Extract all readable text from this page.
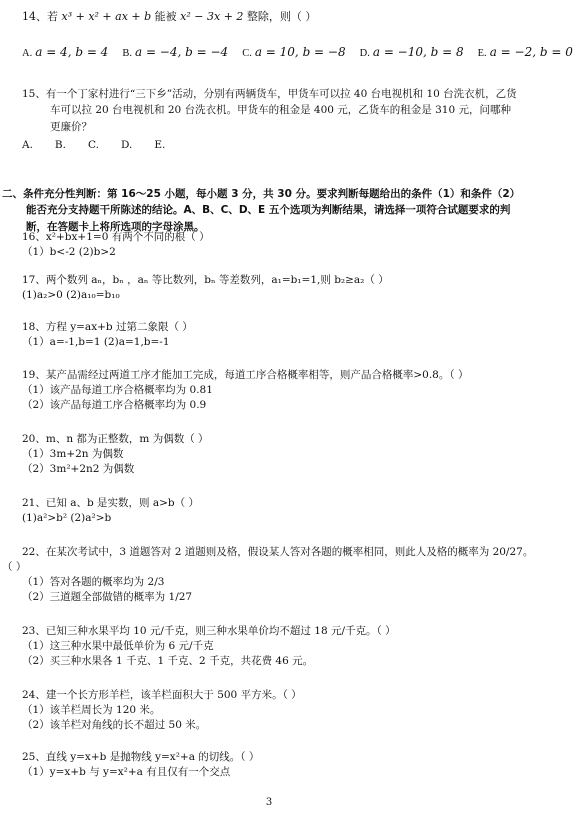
14、若 x³ + x² + ax + b 能被 x² − 3x + 2 整除，则（ ）
A. a = 4, b = 4 B. a = −4, b = −4 C. a = 10, b = −8 D. a = −10, b = 8 E. a = −2, b = 0
15、有一个丁家村进行“三下乡”活动，分别有两辆货车，甲货车可以拉 40 台电视机和 10 台洗衣机，乙货车可以拉 20 台电视机和 20 台洗衣机。甲货车的租金是 400 元，乙货车的租金是 310 元，问哪种更廉价？
A. B. C. D. E.
二、条件充分性判断：第 16～25 小题，每小题 3 分，共 30 分。要求判断每题给出的条件（1）和条件（2）能否充分支持题干所陈述的结论。A、B、C、D、E 五个选项为判断结果，请选择一项符合试题要求的判断，在答题卡上将所选项的字母涂黑。
16、x²+bx+1=0 有两个不同的根（ ）
（1）b<-2 (2)b>2
17、两个数列 aₙ，bₙ ，aₙ 等比数列，bₙ 等差数列，a₁=b₁=1,则 b₂≥a₂（ ）
(1)a₂>0 (2)a₁₀=b₁₀
18、方程 y=ax+b 过第二象限（ ）
（1）a=-1,b=1 (2)a=1,b=-1
19、某产品需经过两道工序才能加工完成，每道工序合格概率相等，则产品合格概率>0.8。（ ）
（1）该产品每道工序合格概率均为 0.81
（2）该产品每道工序合格概率均为 0.9
20、m、n 都为正整数，m 为偶数（ ）
（1）3m+2n 为偶数
（2）3m²+2n2 为偶数
21、已知 a、b 是实数，则 a>b（ ）
(1)a²>b² (2)a²>b
22、在某次考试中，3 道题答对 2 道题则及格，假设某人答对各题的概率相同，则此人及格的概率为 20/27。
（ ）
（1）答对各题的概率均为 2/3
（2）三道题全部做错的概率为 1/27
23、已知三种水果平均 10 元/千克，则三种水果单价均不超过 18 元/千克。（ ）
（1）这三种水果中最低单价为 6 元/千克
（2）买三种水果各 1 千克、1 千克、2 千克，共花费 46 元。
24、建一个长方形羊栏，该羊栏面积大于 500 平方米。（ ）
（1）该羊栏周长为 120 米。
（2）该羊栏对角线的长不超过 50 米。
25、直线 y=x+b 是抛物线 y=x²+a 的切线。（ ）
（1）y=x+b 与 y=x²+a 有且仅有一个交点
3
